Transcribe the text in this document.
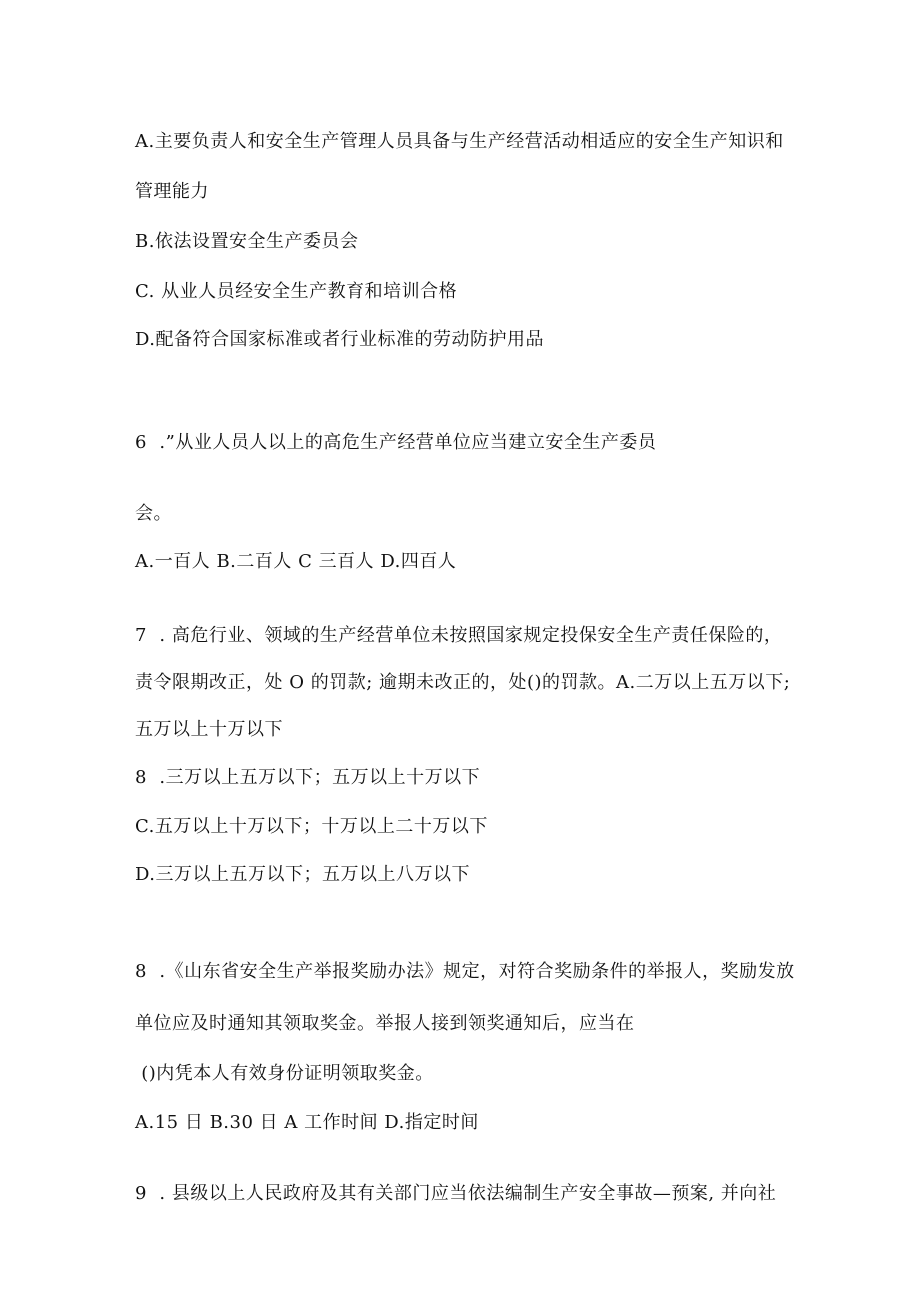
A.主要负责人和安全生产管理人员具备与生产经营活动相适应的安全生产知识和
管理能力
B.依法设置安全生产委员会
C. 从业人员经安全生产教育和培训合格
D.配备符合国家标准或者行业标准的劳动防护用品
6  .”从业人员人以上的高危生产经营单位应当建立安全生产委员
会。
A.一百人 B.二百人 C 三百人 D.四百人
7  . 高危行业、领域的生产经营单位未按照国家规定投保安全生产责任保险的，
责令限期改正，处 O 的罚款; 逾期未改正的，处()的罚款。A.二万以上五万以下;
五万以上十万以下
8  .三万以上五万以下；五万以上十万以下
C.五万以上十万以下；十万以上二十万以下
D.三万以上五万以下；五万以上八万以下
8  .《山东省安全生产举报奖励办法》规定，对符合奖励条件的举报人，奖励发放
单位应及时通知其领取奖金。举报人接到领奖通知后，应当在
()内凭本人有效身份证明领取奖金。
A.15 日 B.30 日 A 工作时间 D.指定时间
9  . 县级以上人民政府及其有关部门应当依法编制生产安全事故—预案, 并向社
